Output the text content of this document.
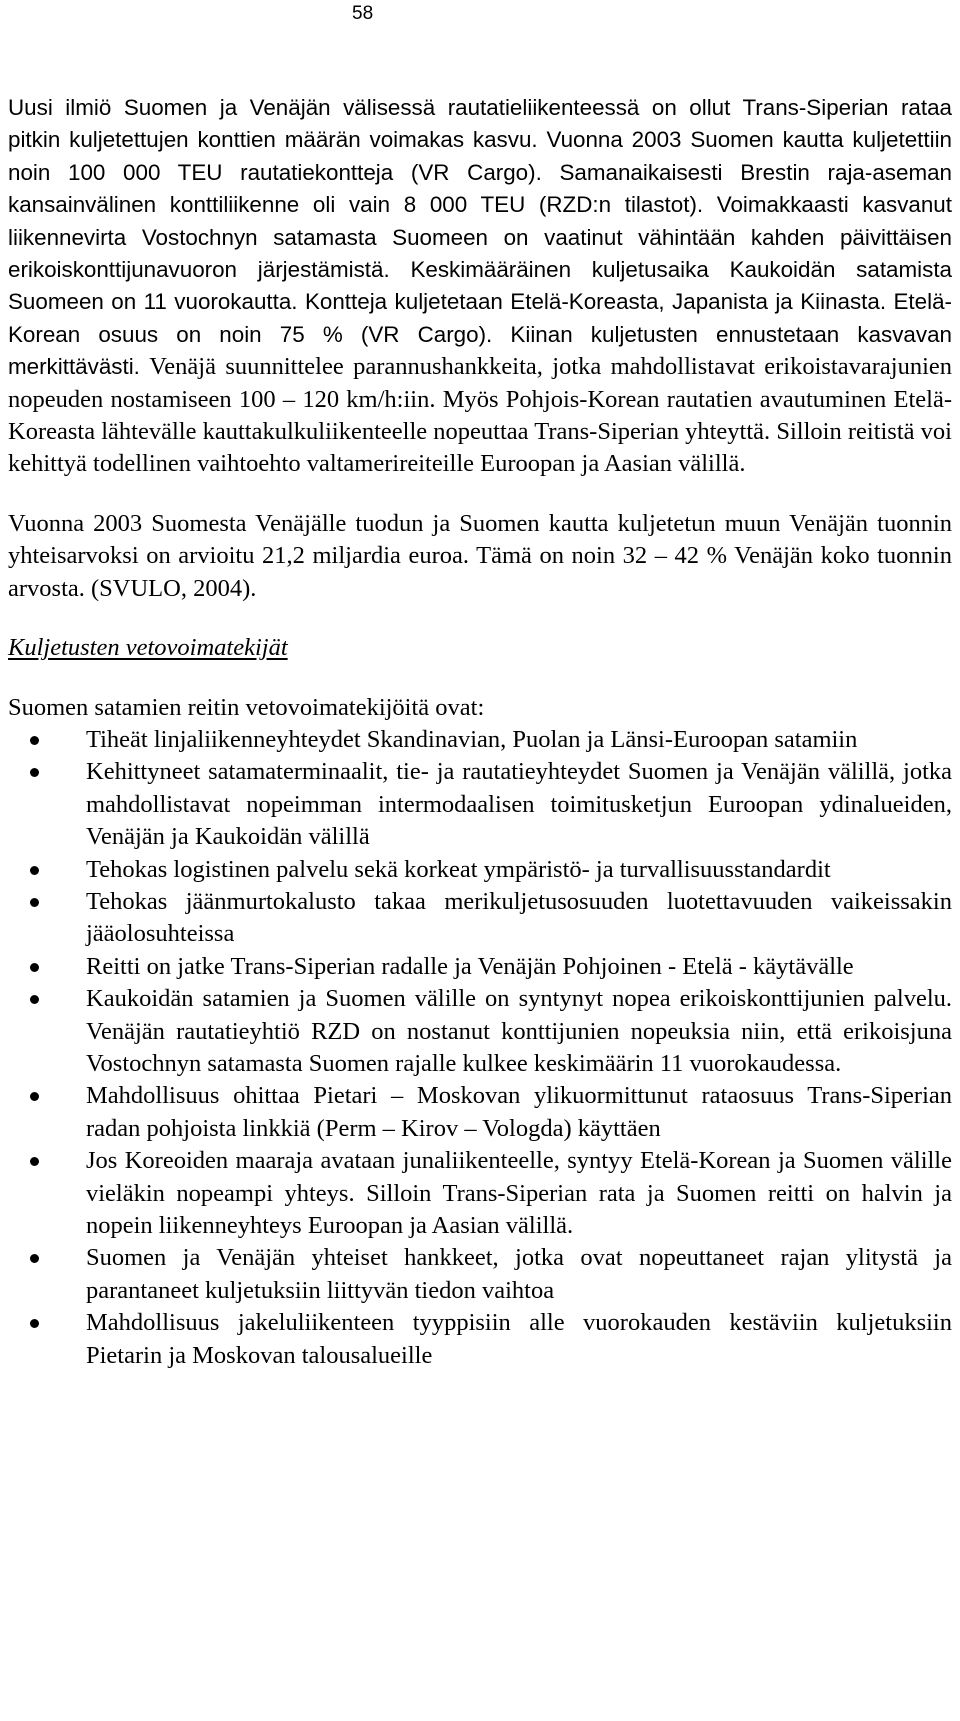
58

Uusi ilmiö Suomen ja Venäjän välisessä rautatieliikenteessä on ollut Trans-Siperian rataa pitkin kuljetettujen konttien määrän voimakas kasvu. Vuonna 2003 Suomen kautta kuljetettiin noin 100 000 TEU rautatiekontteja (VR Cargo). Samanaikaisesti Brestin raja-aseman kansainvälinen konttiliikenne oli vain 8 000 TEU (RZD:n tilastot). Voimakkaasti kasvanut liikennevirta Vostochnyn satamasta Suomeen on vaatinut vähintään kahden päivittäisen erikoiskonttijunavuoron järjestämistä. Keskimääräinen kuljetusaika Kaukoidän satamista Suomeen on 11 vuorokautta. Kontteja kuljetetaan Etelä-Koreasta, Japanista ja Kiinasta. Etelä-Korean osuus on noin 75 % (VR Cargo). Kiinan kuljetusten ennustetaan kasvavan merkittävästi. Venäjä suunnittelee parannushankkeita, jotka mahdollistavat erikoistavarajunien nopeuden nostamiseen 100 – 120 km/h:iin. Myös Pohjois-Korean rautatien avautuminen Etelä-Koreasta lähtevälle kauttakulkuliikenteelle nopeuttaa Trans-Siperian yhteyttä. Silloin reitistä voi kehittyä todellinen vaihtoehto valtamerireiteille Euroopan ja Aasian välillä.

Vuonna 2003 Suomesta Venäjälle tuodun ja Suomen kautta kuljetetun muun Venäjän tuonnin yhteisarvoksi on arvioitu 21,2 miljardia euroa. Tämä on noin 32 – 42 % Venäjän koko tuonnin arvosta. (SVULO, 2004).

Kuljetusten vetovoimatekijät

Suomen satamien reitin vetovoimatekijöitä ovat:

Tiheät linjaliikenneyhteydet Skandinavian, Puolan ja Länsi-Euroopan satamiin
Kehittyneet satamaterminaalit, tie- ja rautatieyhteydet Suomen ja Venäjän välillä, jotka mahdollistavat nopeimman intermodaalisen toimitusketjun Euroopan ydinalueiden, Venäjän ja Kaukoidän välillä
Tehokas logistinen palvelu sekä korkeat ympäristö- ja turvallisuusstandardit
Tehokas jäänmurtokalusto takaa merikuljetusosuuden luotettavuuden vaikeissakin jääolosuhteissa
Reitti on jatke Trans-Siperian radalle ja Venäjän Pohjoinen - Etelä - käytävälle
Kaukoidän satamien ja Suomen välille on syntynyt nopea erikoiskonttijunien palvelu. Venäjän rautatieyhtiö RZD on nostanut konttijunien nopeuksia niin, että erikoisjuna Vostochnyn satamasta Suomen rajalle kulkee keskimäärin 11 vuorokaudessa.
Mahdollisuus ohittaa Pietari – Moskovan ylikuormittunut rataosuus Trans-Siperian radan pohjoista linkkiä (Perm – Kirov – Vologda) käyttäen
Jos Koreoiden maaraja avataan junaliikenteelle, syntyy Etelä-Korean ja Suomen välille vieläkin nopeampi yhteys. Silloin Trans-Siperian rata ja Suomen reitti on halvin ja nopein liikenneyhteys Euroopan ja Aasian välillä.
Suomen ja Venäjän yhteiset hankkeet, jotka ovat nopeuttaneet rajan ylitystä ja parantaneet kuljetuksiin liittyvän tiedon vaihtoa
Mahdollisuus jakeluliikenteen tyyppisiin alle vuorokauden kestäviin kuljetuksiin Pietarin ja Moskovan talousalueille
